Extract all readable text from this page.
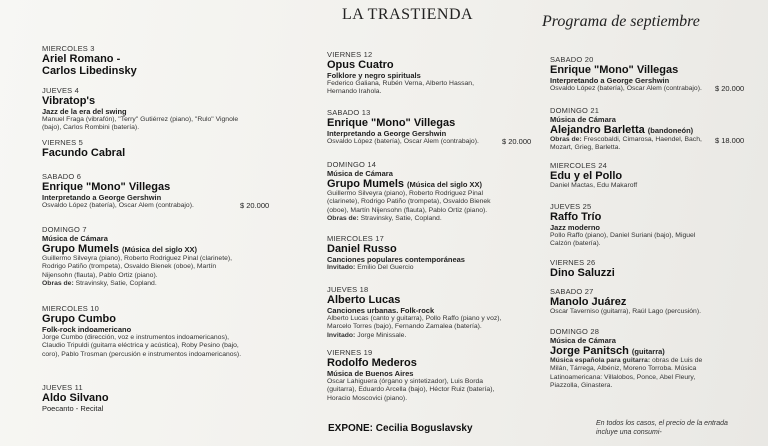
LA TRASTIENDA	Programa de septiembre
MIERCOLES 3
Ariel Romano -
Carlos Libedinsky
JUEVES 4
Vibratop's
Jazz de la era del swing
Manuel Fraga (vibrafón), "Terry" Gutiérrez (piano), "Rulo" Vignole (bajo), Carlos Rombini (batería).
VIERNES 5
Facundo Cabral
SABADO 6
Enrique "Mono" Villegas
Interpretando a George Gershwin
Osvaldo López (batería), Oscar Alem (contrabajo).	$ 20.000
DOMINGO 7
Música de Cámara
Grupo Mumels (Música del siglo XX)
Guillermo Silveyra (piano), Roberto Rodriguez Pinal (clarinete), Rodrigo Patiño (trompeta), Osvaldo Bienek (oboe), Martín Nijensohn (flauta), Pablo Ortiz (piano).
Obras de: Stravinsky, Satie, Copland.
MIERCOLES 10
Grupo Cumbo
Folk-rock indoamericano
Jorge Cumbo (dirección, voz e instrumentos indoamericanos), Claudio Tripuldi (guitarra eléctrica y acústica), Roby Pesino (bajo, coro), Pablo Trosman (percusión e instrumentos indoamericanos).
JUEVES 11
Aldo Silvano
Poecanto - Recital
VIERNES 12
Opus Cuatro
Folklore y negro spirituals
Federico Galiana, Rubén Verna, Alberto Hassan, Hernando Irahola.
SABADO 13
Enrique "Mono" Villegas
Interpretando a George Gershwin
Osvaldo López (batería), Oscar Alem (contrabajo).	$ 20.000
DOMINGO 14
Música de Cámara
Grupo Mumels (Música del siglo XX)
Guillermo Silveyra (piano), Roberto Rodriguez Pinal (clarinete), Rodrigo Patiño (trompeta), Osvaldo Bienek (oboe), Martín Nijensohn (flauta), Pablo Ortiz (piano).
Obras de: Stravinsky, Satie, Copland.
MIERCOLES 17
Daniel Russo
Canciones populares contemporáneas
Invitado: Emilio Del Guercio
JUEVES 18
Alberto Lucas
Canciones urbanas. Folk-rock
Alberto Lucas (canto y guitarra), Pollo Raffo (piano y voz), Marcelo Torres (bajo), Fernando Zamalea (batería).
Invitado: Jorge Minissale.
VIERNES 19
Rodolfo Mederos
Música de Buenos Aires
Oscar Lahiguera (órgano y sintetizador), Luis Borda (guitarra), Eduardo Arcella (bajo), Héctor Ruiz (batería), Horacio Moscovici (piano).
SABADO 20
Enrique "Mono" Villegas
Interpretando a George Gershwin
Osvaldo López (batería), Oscar Alem (contrabajo).	$ 20.000
DOMINGO 21
Música de Cámara
Alejandro Barletta (bandoneón)
Obras de: Frescobaldi, Cimarosa, Haendel, Bach, Mozart, Grieg, Barletta.
$ 18.000
MIERCOLES 24
Edu y el Pollo
Daniel Mactas, Edu Makaroff
JUEVES 25
Raffo Trío
Jazz moderno
Pollo Raffo (piano), Daniel Suriani (bajo), Miguel Calzón (batería).
VIERNES 26
Dino Saluzzi
SABADO 27
Manolo Juárez
Oscar Taverniso (guitarra), Raúl Lago (percusión).
DOMINGO 28
Música de Cámara
Jorge Panitsch (guitarra)
Música española para guitarra: obras de Luis de Milán, Tárrega, Albéniz, Moreno Torroba. Música Latinoamericana: Villalobos, Ponce, Abel Fleury, Piazzolla, Ginastera.
EXPONE: Cecilia Boguslavsky	En todos los casos, el precio de la entrada incluye una consumi-
